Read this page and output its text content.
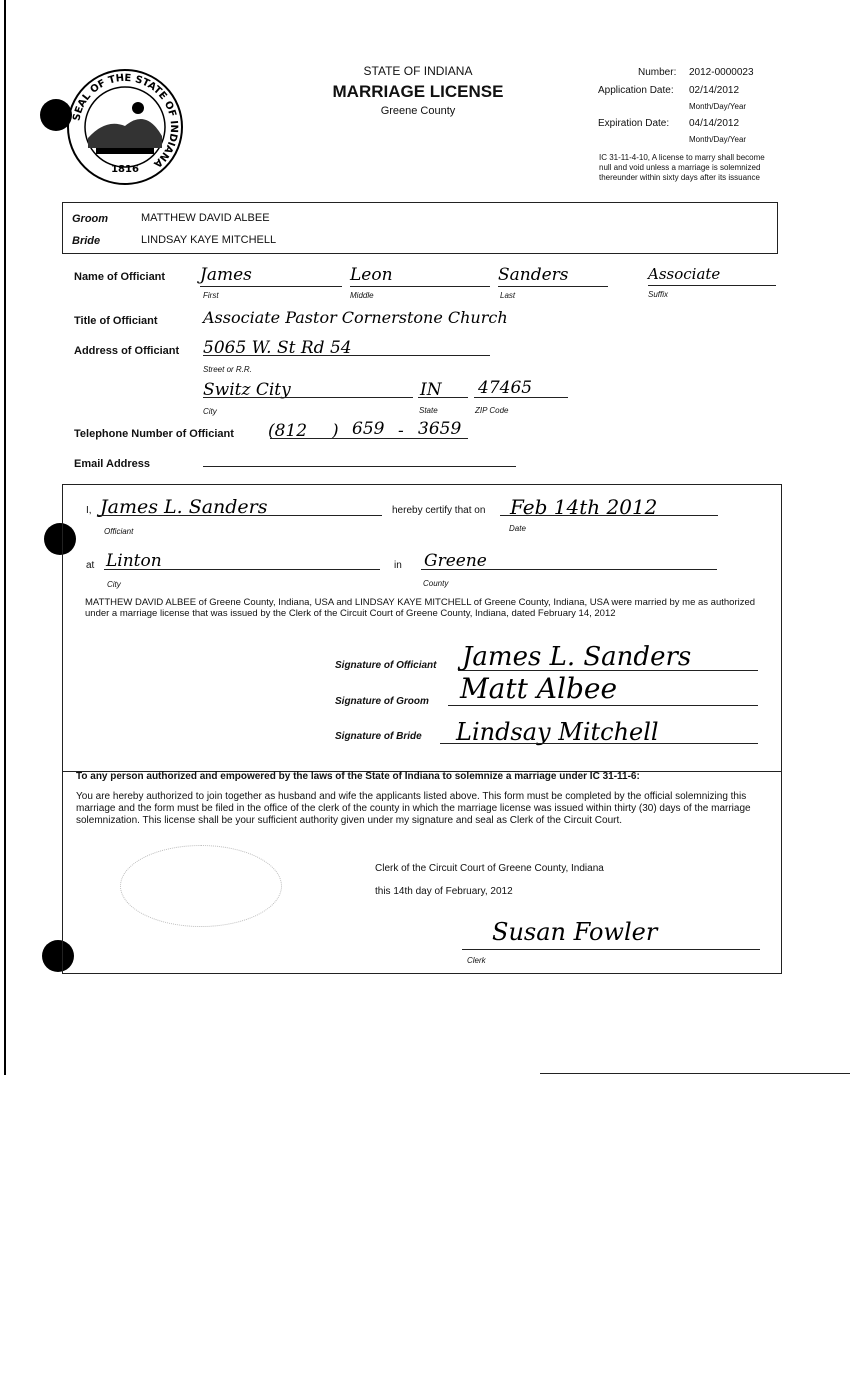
SEAL OF THE STATE OF INDIANA
1816
STATE OF INDIANA
MARRIAGE LICENSE
Greene County
Number: 2012-0000023
Application Date: 02/14/2012
Month/Day/Year
Expiration Date: 04/14/2012
Month/Day/Year
IC 31-11-4-10, A license to marry shall become null and void unless a marriage is solemnized thereunder within sixty days after its issuance
Groom	MATTHEW DAVID ALBEE
Bride	LINDSAY KAYE MITCHELL
Name of Officiant James	Leon	Sanders	Associate
First	Middle	Last	Suffix
Title of Officiant	Associate Pastor Cornerstone Church
Address of Officiant 5065 W. St Rd 54
Street or R.R.
Switz City	IN 47465
City	State	ZIP Code
Telephone Number of Officiant (812 ) 659 - 3659
Email Address
I, James L. Sanders
Officiant
hereby certify that on Feb 14th 2012
Date
at Linton
City
in Greene
County
MATTHEW DAVID ALBEE of Greene County, Indiana, USA and LINDSAY KAYE MITCHELL of Greene County, Indiana, USA were married by me as authorized under a marriage license that was issued by the Clerk of the Circuit Court of Greene County, Indiana, dated February 14, 2012
Signature of Officiant James L. Sanders
Signature of Groom Matt Albee
Signature of Bride Lindsay Mitchell
To any person authorized and empowered by the laws of the State of Indiana to solemnize a marriage under IC 31-11-6:
You are hereby authorized to join together as husband and wife the applicants listed above. This form must be completed by the official solemnizing this marriage and the form must be filed in the office of the clerk of the county in which the marriage license was issued within thirty (30) days of the marriage solemnization. This license shall be your sufficient authority given under my signature and seal as Clerk of the Circuit Court.
Clerk of the Circuit Court of Greene County, Indiana
this 14th day of February, 2012
Susan Fowler
Clerk
